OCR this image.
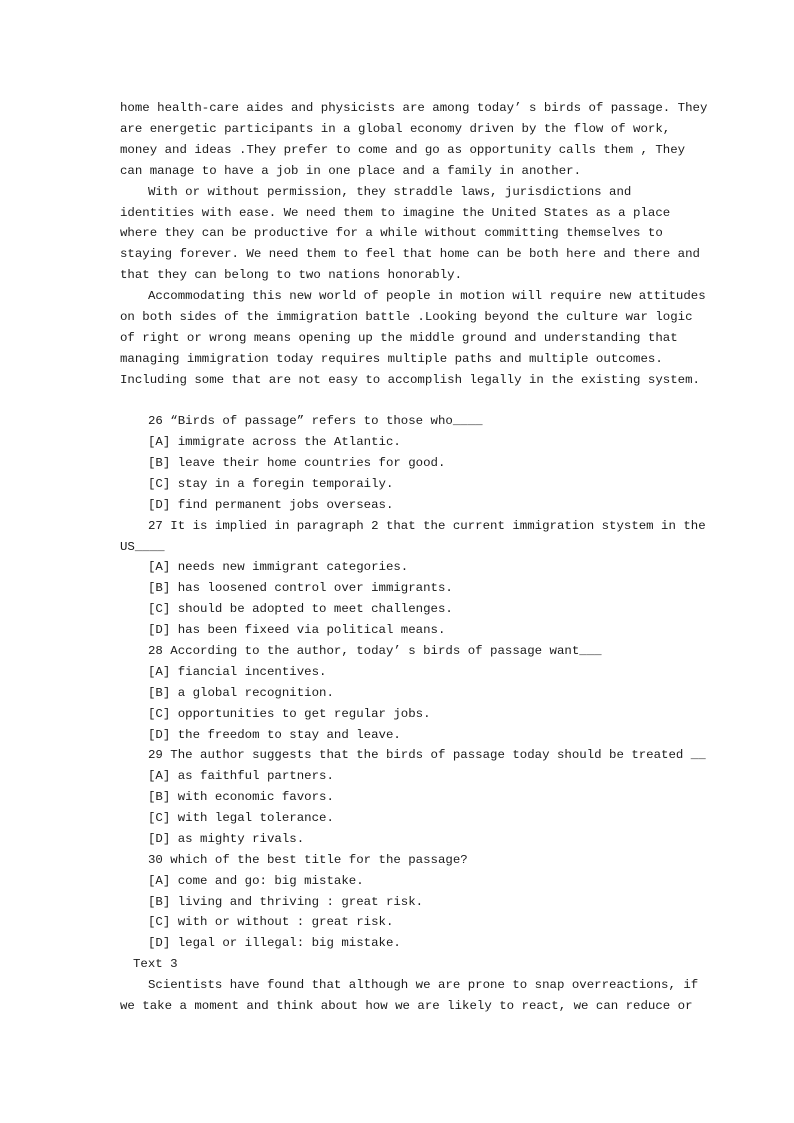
home health-care aides and physicists are among today’ s birds of passage. They
are energetic participants in a global economy driven by the flow of work,
money and ideas .They prefer to come and go as opportunity calls them , They
can manage to have a job in one place and a family in another.
With or without permission, they straddle laws, jurisdictions and
identities with ease. We need them to imagine the United States as a place
where they can be productive for a while without committing themselves to
staying forever. We need them to feel that home can be both here and there and
that they can belong to two nations honorably.
Accommodating this new world of people in motion will require new attitudes
on both sides of the immigration battle .Looking beyond the culture war logic
of right or wrong means opening up the middle ground and understanding that
managing immigration today requires multiple paths and multiple outcomes.
Including some that are not easy to accomplish legally in the existing system.
26 “Birds of passage” refers to those who____
[A] immigrate across the Atlantic.
[B] leave their home countries for good.
[C] stay in a foregin temporaily.
[D] find permanent jobs overseas.
27 It is implied in paragraph 2 that the current immigration stystem in the
US____
[A] needs new immigrant categories.
[B] has loosened control over immigrants.
[C] should be adopted to meet challenges.
[D] has been fixeed via political means.
28 According to the author, today’ s birds of passage want___
[A] fiancial incentives.
[B] a global recognition.
[C] opportunities to get regular jobs.
[D] the freedom to stay and leave.
29 The author suggests that the birds of passage today should be treated __
[A] as faithful partners.
[B] with economic favors.
[C] with legal tolerance.
[D] as mighty rivals.
30 which of the best title for the passage?
[A] come and go: big mistake.
[B] living and thriving : great risk.
[C] with or without : great risk.
[D] legal or illegal: big mistake.
Text 3
Scientists have found that although we are prone to snap overreactions, if
we take a moment and think about how we are likely to react, we can reduce or
